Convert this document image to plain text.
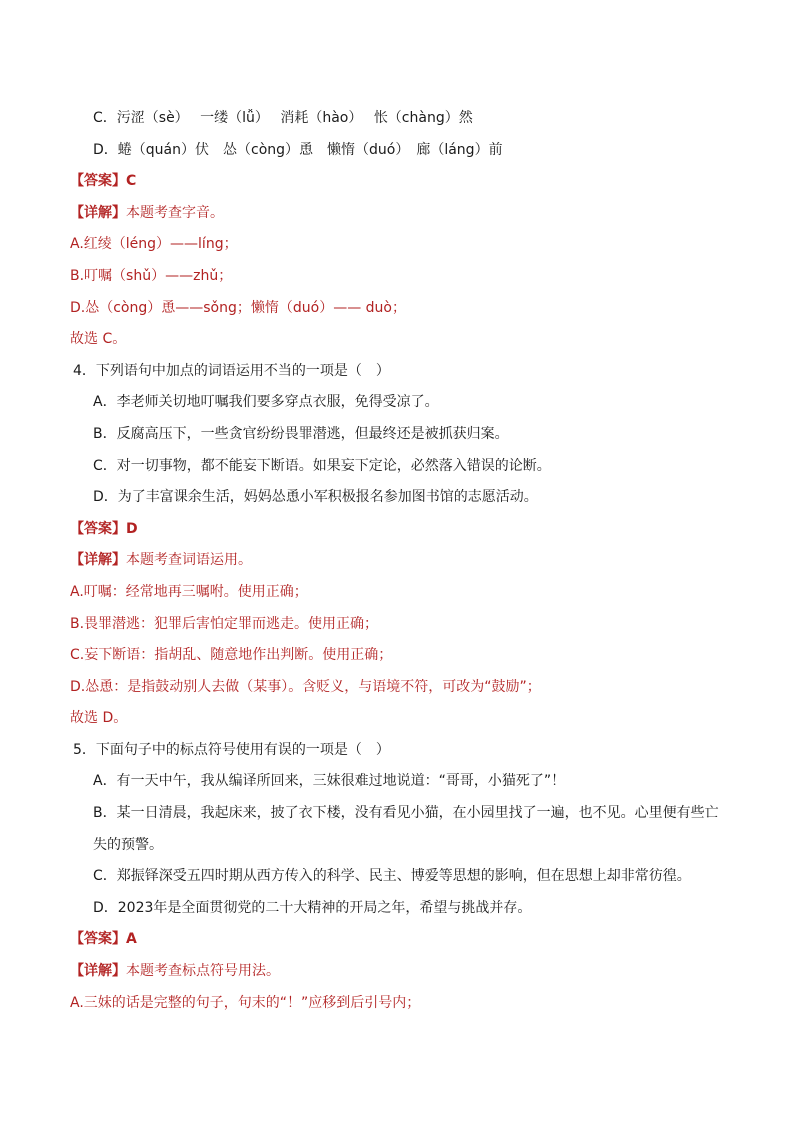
C．污涩（sè）　 一缕（lǚ）　 消耗（hào）　 怅（chàng）然
D．蜷（quán）伏　怂（còng）恿　懒惰（duó）　廊（láng）前
【答案】C
【详解】本题考查字音。
A.红绫（léng）——líng；
B.叮嘱（shǔ）——zhǔ；
D.怂（còng）恿——sǒng；懒惰（duó）—— duò；
故选 C。
4．下列语句中加点的词语运用不当的一项是（　）
A．李老师关切地叮嘱我们要多穿点衣服，免得受凉了。
B．反腐高压下，一些贪官纷纷畏罪潜逃，但最终还是被抓获归案。
C．对一切事物，都不能妄下断语。如果妄下定论，必然落入错误的论断。
D．为了丰富课余生活，妈妈怂恿小军积极报名参加图书馆的志愿活动。
【答案】D
【详解】本题考查词语运用。
A.叮嘱：经常地再三嘱咐。使用正确；
B.畏罪潜逃：犯罪后害怕定罪而逃走。使用正确；
C.妄下断语：指胡乱、随意地作出判断。使用正确；
D.怂恿：是指鼓动别人去做（某事）。含贬义，与语境不符，可改为“鼓励”；
故选 D。
5．下面句子中的标点符号使用有误的一项是（　）
A．有一天中午，我从编译所回来，三妹很难过地说道：“哥哥，小猫死了”！
B．某一日清晨，我起床来，披了衣下楼，没有看见小猫，在小园里找了一遍，也不见。心里便有些亡
失的预警。
C．郑振铎深受五四时期从西方传入的科学、民主、博爱等思想的影响，但在思想上却非常彷徨。
D．2023年是全面贯彻党的二十大精神的开局之年，希望与挑战并存。
【答案】A
【详解】本题考查标点符号用法。
A.三妹的话是完整的句子，句末的“！”应移到后引号内；
